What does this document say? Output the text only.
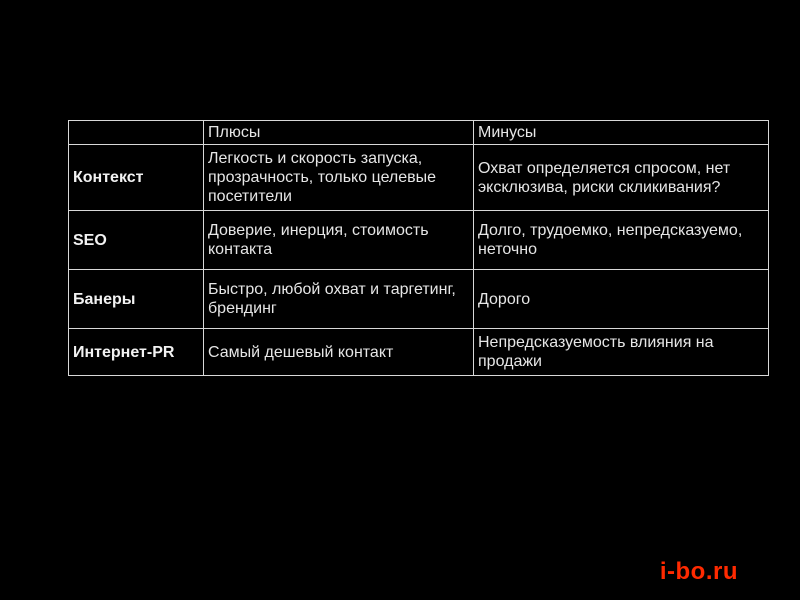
	Плюсы	Минусы
Контекст	Легкость и скорость запуска, прозрачность, только целевые посетители	Охват определяется спросом, нет эксклюзива, риски скликивания?
SEO	Доверие, инерция, стоимость контакта	Долго, трудоемко, непредсказуемо, неточно
Банеры	Быстро, любой охват и таргетинг, брендинг	Дорого
Интернет-PR	Самый дешевый контакт	Непредсказуемость влияния на продажи
i-bo.ru
